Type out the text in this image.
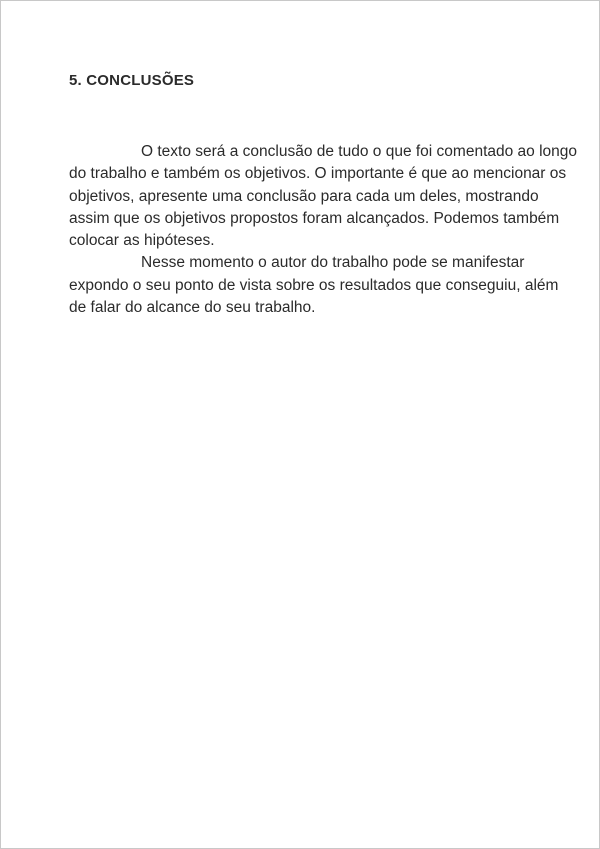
5. CONCLUSÕES

O texto será a conclusão de tudo o que foi comentado ao longo do trabalho e também os objetivos. O importante é que ao mencionar os objetivos, apresente uma conclusão para cada um deles, mostrando assim que os objetivos propostos foram alcançados. Podemos também colocar as hipóteses.

Nesse momento o autor do trabalho pode se manifestar expondo o seu ponto de vista sobre os resultados que conseguiu, além de falar do alcance do seu trabalho.
